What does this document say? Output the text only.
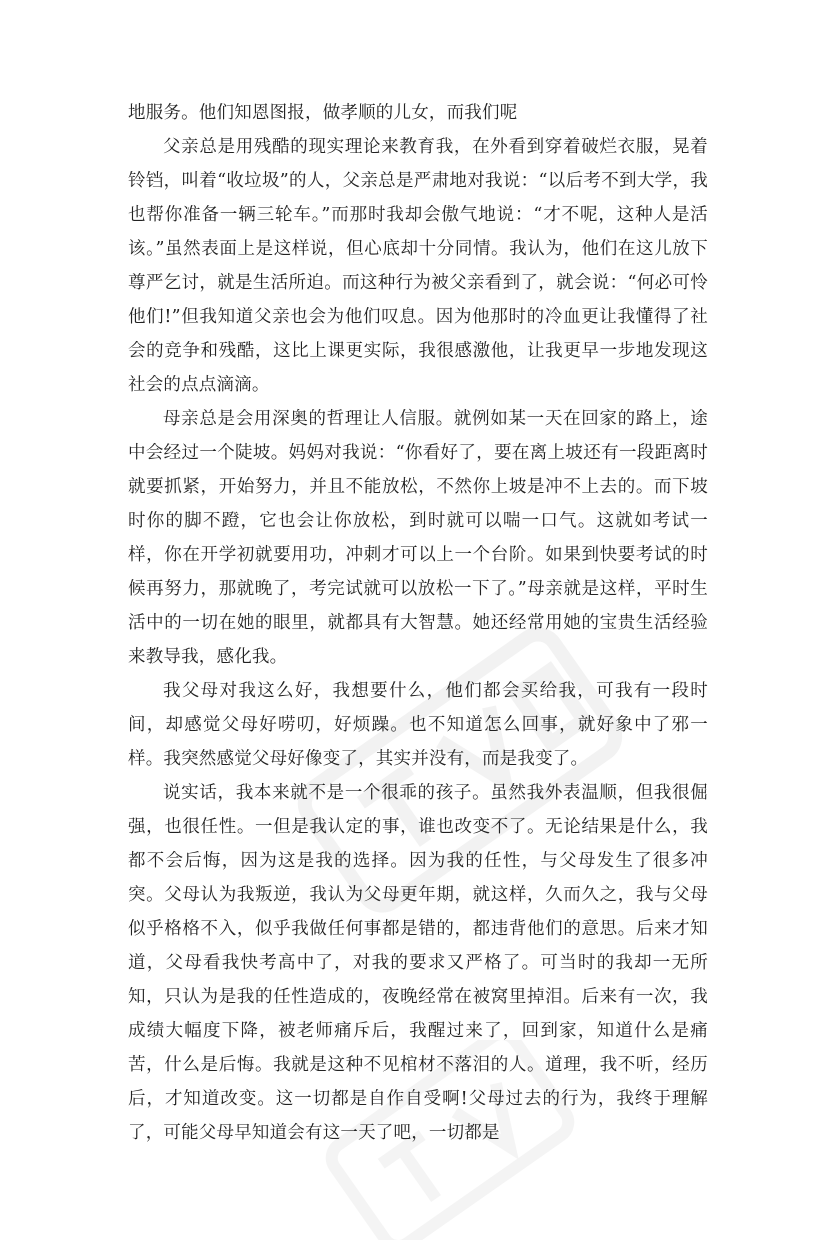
地服务。他们知恩图报，做孝顺的儿女，而我们呢

父亲总是用残酷的现实理论来教育我，在外看到穿着破烂衣服，晃着铃铛，叫着“收垃圾”的人，父亲总是严肃地对我说：“以后考不到大学，我也帮你准备一辆三轮车。”而那时我却会傲气地说：“才不呢，这种人是活该。”虽然表面上是这样说，但心底却十分同情。我认为，他们在这儿放下尊严乞讨，就是生活所迫。而这种行为被父亲看到了，就会说：“何必可怜他们!”但我知道父亲也会为他们叹息。因为他那时的冷血更让我懂得了社会的竞争和残酷，这比上课更实际，我很感激他，让我更早一步地发现这社会的点点滴滴。

母亲总是会用深奥的哲理让人信服。就例如某一天在回家的路上，途中会经过一个陡坡。妈妈对我说：“你看好了，要在离上坡还有一段距离时就要抓紧，开始努力，并且不能放松，不然你上坡是冲不上去的。而下坡时你的脚不蹬，它也会让你放松，到时就可以喘一口气。这就如考试一样，你在开学初就要用功，冲刺才可以上一个台阶。如果到快要考试的时候再努力，那就晚了，考完试就可以放松一下了。”母亲就是这样，平时生活中的一切在她的眼里，就都具有大智慧。她还经常用她的宝贵生活经验来教导我，感化我。

我父母对我这么好，我想要什么，他们都会买给我，可我有一段时间，却感觉父母好唠叨，好烦躁。也不知道怎么回事，就好象中了邪一样。我突然感觉父母好像变了，其实并没有，而是我变了。

说实话，我本来就不是一个很乖的孩子。虽然我外表温顺，但我很倔强，也很任性。一但是我认定的事，谁也改变不了。无论结果是什么，我都不会后悔，因为这是我的选择。因为我的任性，与父母发生了很多冲突。父母认为我叛逆，我认为父母更年期，就这样，久而久之，我与父母似乎格格不入，似乎我做任何事都是错的，都违背他们的意思。后来才知道，父母看我快考高中了，对我的要求又严格了。可当时的我却一无所知，只认为是我的任性造成的，夜晚经常在被窝里掉泪。后来有一次，我成绩大幅度下降，被老师痛斥后，我醒过来了，回到家，知道什么是痛苦，什么是后悔。我就是这种不见棺材不落泪的人。道理，我不听，经历后，才知道改变。这一切都是自作自受啊!父母过去的行为，我终于理解了，可能父母早知道会有这一天了吧，一切都是
